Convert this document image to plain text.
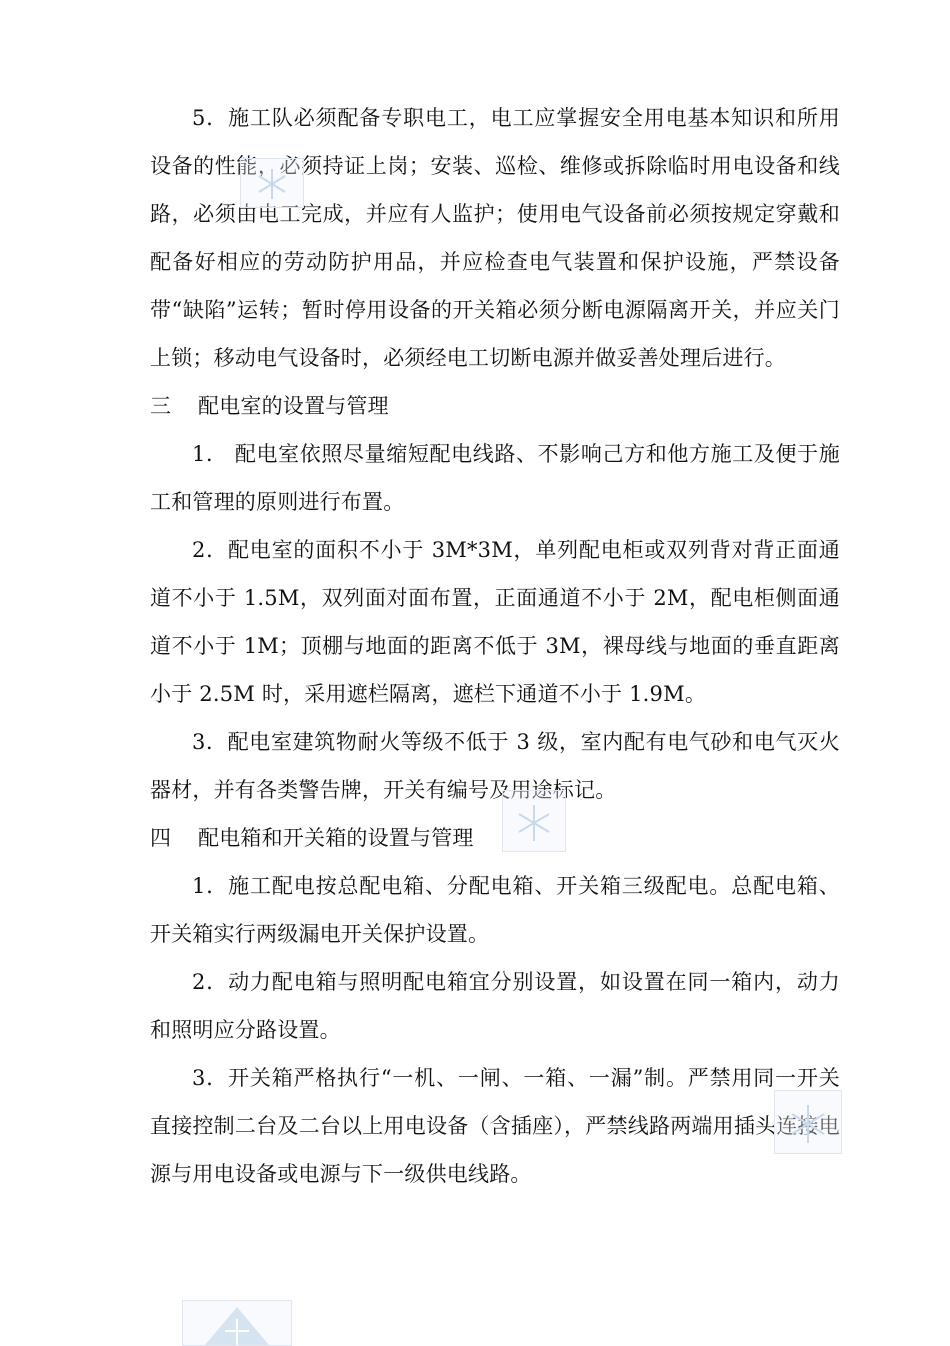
5．施工队必须配备专职电工，电工应掌握安全用电基本知识和所用设备的性能，必须持证上岗；安装、巡检、维修或拆除临时用电设备和线路，必须由电工完成，并应有人监护；使用电气设备前必须按规定穿戴和配备好相应的劳动防护用品，并应检查电气装置和保护设施，严禁设备带“缺陷”运转；暂时停用设备的开关箱必须分断电源隔离开关，并应关门上锁；移动电气设备时，必须经电工切断电源并做妥善处理后进行。

三 配电室的设置与管理

1． 配电室依照尽量缩短配电线路、不影响己方和他方施工及便于施工和管理的原则进行布置。

2．配电室的面积不小于 3M*3M，单列配电柜或双列背对背正面通道不小于 1.5M，双列面对面布置，正面通道不小于 2M，配电柜侧面通道不小于 1M；顶棚与地面的距离不低于 3M，裸母线与地面的垂直距离小于 2.5M 时，采用遮栏隔离，遮栏下通道不小于 1.9M。

3．配电室建筑物耐火等级不低于 3 级，室内配有电气砂和电气灭火器材，并有各类警告牌，开关有编号及用途标记。

四 配电箱和开关箱的设置与管理

1．施工配电按总配电箱、分配电箱、开关箱三级配电。总配电箱、开关箱实行两级漏电开关保护设置。

2．动力配电箱与照明配电箱宜分别设置，如设置在同一箱内，动力和照明应分路设置。

3．开关箱严格执行“一机、一闸、一箱、一漏”制。严禁用同一开关直接控制二台及二台以上用电设备（含插座），严禁线路两端用插头连接电源与用电设备或电源与下一级供电线路。
